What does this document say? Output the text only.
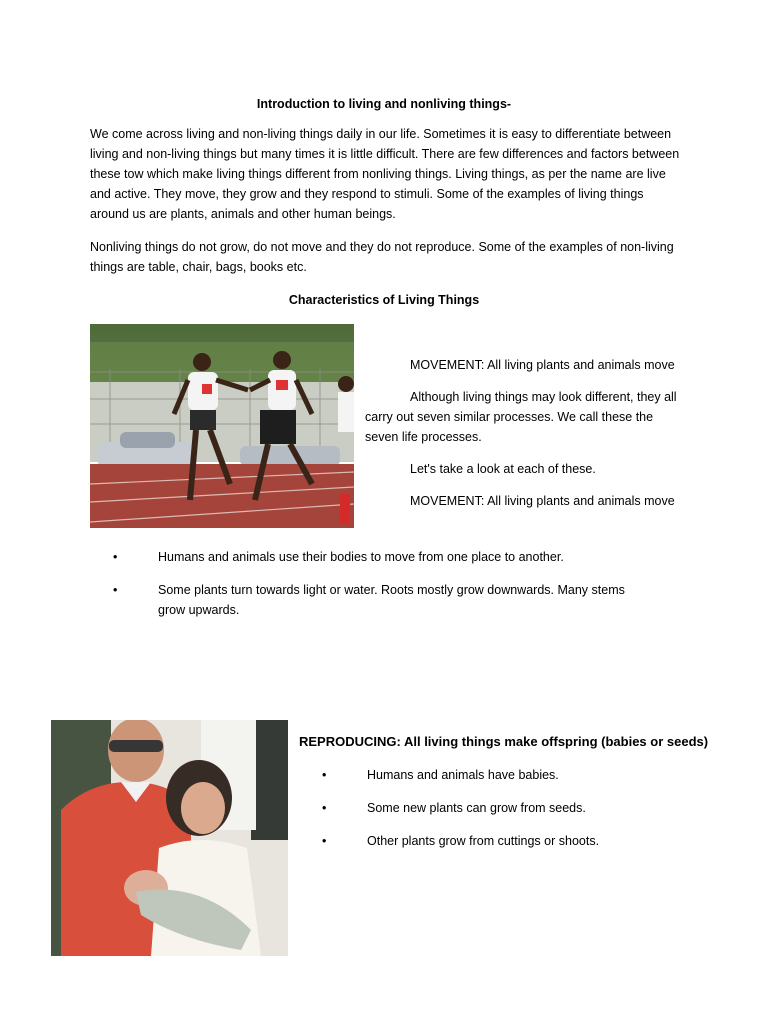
Introduction to living and nonliving things-

We come across living and non-living things daily in our life. Sometimes it is easy to differentiate between living and non-living things but many times it is little difficult. There are few differences and factors between these tow which make living things different from nonliving things. Living things, as per the name are live and active. They move, they grow and they respond to stimuli. Some of the examples of living things around us are plants, animals and other human beings.

Nonliving things do not grow, do not move and they do not reproduce. Some of the examples of non-living things are table, chair, bags, books etc.

Characteristics of Living Things

MOVEMENT: All living plants and animals move

Although living things may look different, they all carry out seven similar processes. We call these the seven life processes.

Let's take a look at each of these.

MOVEMENT: All living plants and animals move

•	Humans and animals use their bodies to move from one place to another.
•	Some plants turn towards light or water. Roots mostly grow downwards. Many stems grow upwards.
REPRODUCING: All living things make offspring (babies or seeds)
•	Humans and animals have babies.
•	Some new plants can grow from seeds.
•	Other plants grow from cuttings or shoots.
